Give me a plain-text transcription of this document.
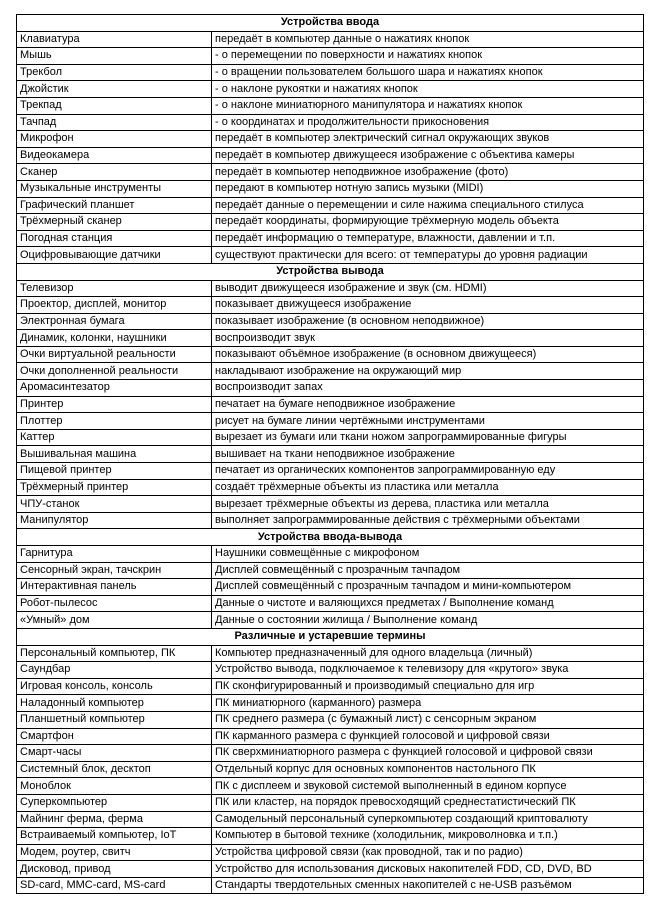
Устройства ввода	
Клавиатура	передаёт в компьютер данные о нажатиях кнопок
Мышь	- о перемещении по поверхности и нажатиях кнопок
Трекбол	- о вращении пользователем большого шара и нажатиях кнопок
Джойстик	- о наклоне рукоятки и нажатиях кнопок
Трекпад	- о наклоне миниатюрного манипулятора и нажатиях кнопок
Тачпад	- о координатах и продолжительности прикосновения
Микрофон	передаёт в компьютер электрический сигнал окружающих звуков
Видеокамера	передаёт в компьютер движущееся изображение с объектива камеры
Сканер	передаёт в компьютер неподвижное изображение (фото)
Музыкальные инструменты	передают в компьютер нотную запись музыки (MIDI)
Графический планшет	передаёт данные о перемещении и силе нажима специального стилуса
Трёхмерный сканер	передаёт координаты, формирующие трёхмерную модель объекта
Погодная станция	передаёт информацию о температуре, влажности, давлении и т.п.
Оцифровывающие датчики	существуют практически для всего: от температуры до уровня радиации
Устройства вывода	
Телевизор	выводит движущееся изображение и звук (см. HDMI)
Проектор, дисплей, монитор	показывает движущееся изображение
Электронная бумага	показывает изображение (в основном неподвижное)
Динамик, колонки, наушники	воспроизводит звук
Очки виртуальной реальности	показывают объёмное изображение (в основном движущееся)
Очки дополненной реальности	накладывают изображение на окружающий мир
Аромасинтезатор	воспроизводит запах
Принтер	печатает на бумаге неподвижное изображение
Плоттер	рисует на бумаге линии чертёжными инструментами
Каттер	вырезает из бумаги или ткани ножом запрограммированные фигуры
Вышивальная машина	вышивает на ткани неподвижное изображение
Пищевой принтер	печатает из органических компонентов запрограммированную еду
Трёхмерный принтер	создаёт трёхмерные объекты из пластика или металла
ЧПУ-станок	вырезает трёхмерные объекты из дерева, пластика или металла
Манипулятор	выполняет запрограммированные действия с трёхмерными объектами
Устройства ввода-вывода	
Гарнитура	Наушники совмещённые с микрофоном
Сенсорный экран, тачскрин	Дисплей совмещённый с прозрачным тачпадом
Интерактивная панель	Дисплей совмещённый с прозрачным тачпадом и мини-компьютером
Робот-пылесос	Данные о чистоте и валяющихся предметах / Выполнение команд
«Умный» дом	Данные о состоянии жилища / Выполнение команд
Различные и устаревшие термины	
Персональный компьютер, ПК	Компьютер предназначенный для одного владельца (личный)
Саундбар	Устройство вывода, подключаемое к телевизору для «крутого» звука
Игровая консоль, консоль	ПК сконфигурированный и производимый специально для игр
Наладонный компьютер	ПК миниатюрного (карманного) размера
Планшетный компьютер	ПК среднего размера (с бумажный лист) с сенсорным экраном
Смартфон	ПК карманного размера с функцией голосовой и цифровой связи
Смарт-часы	ПК сверхминиатюрного размера с функцией голосовой и цифровой связи
Системный блок, десктоп	Отдельный корпус для основных компонентов настольного ПК
Моноблок	ПК с дисплеем и звуковой системой выполненный в едином корпусе
Суперкомпьютер	ПК или кластер, на порядок превосходящий среднестатистический ПК
Майнинг ферма, ферма	Самодельный персональный суперкомпьютер создающий криптовалюту
Встраиваемый компьютер, IoT	Компьютер в бытовой технике (холодильник, микроволновка и т.п.)
Модем, роутер, свитч	Устройства цифровой связи (как проводной, так и по радио)
Дисковод, привод	Устройство для использования дисковых накопителей FDD, CD, DVD, BD
SD-card, MMC-card, MS-card	Стандарты твердотельных сменных накопителей с не-USB разъёмом
